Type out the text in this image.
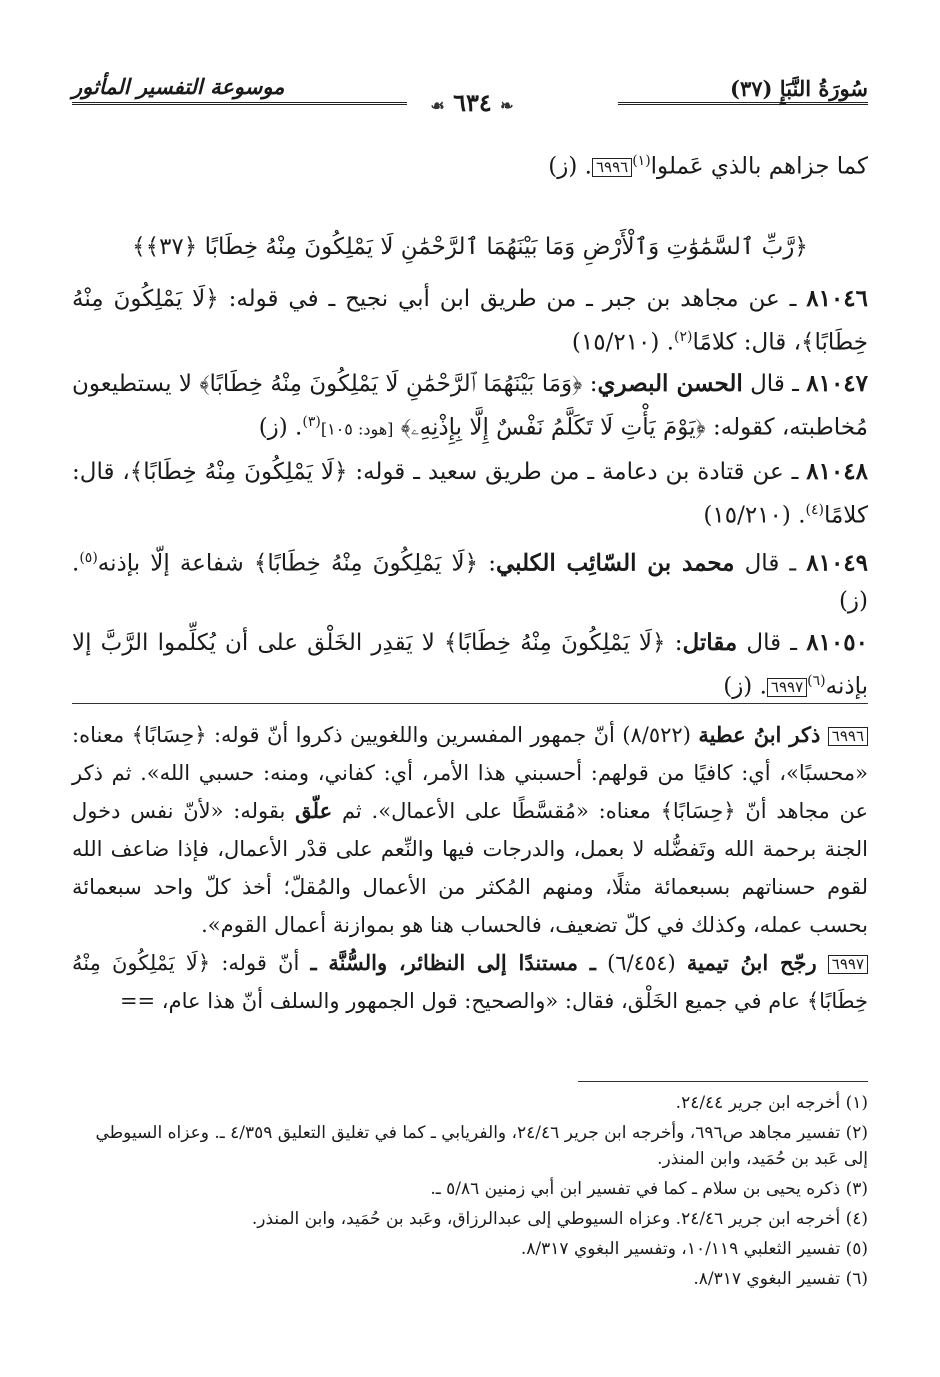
سُورَةُ النَّبَإِ (٣٧)
❧ ٦٣٤ ☙
موسوعة التفسير المأثور

كما جزاهم بالذي عَملوا$^{(١)}$٦٩٩٦. (ز)

﴿رَّبِّ ٱلسَّمَٰوَٰتِ وَٱلْأَرْضِ وَمَا بَيْنَهُمَا ٱلرَّحْمَٰنِ لَا يَمْلِكُونَ مِنْهُ خِطَابًا ﴿٣٧﴾﴾

٨١٠٤٦ ـ عن مجاهد بن جبر ـ من طريق ابن أبي نجيح ـ في قوله: ﴿لَا يَمْلِكُونَ مِنْهُ خِطَابًا﴾، قال: كلامًا$^{(٢)}$. (١٥/٢١٠)

٨١٠٤٧ ـ قال الحسن البصري: ﴿وَمَا بَيْنَهُمَا ٱلرَّحْمَٰنِ لَا يَمْلِكُونَ مِنْهُ خِطَابًا﴾ لا يستطيعون مُخاطبته، كقوله: ﴿يَوْمَ يَأْتِ لَا تَكَلَّمُ نَفْسٌ إِلَّا بِإِذْنِهِۦ﴾ [هود: ١٠٥]$^{(٣)}$. (ز)

٨١٠٤٨ ـ عن قتادة بن دعامة ـ من طريق سعيد ـ قوله: ﴿لَا يَمْلِكُونَ مِنْهُ خِطَابًا﴾، قال: كلامًا$^{(٤)}$. (١٥/٢١٠)

٨١٠٤٩ ـ قال محمد بن السّائِب الكلبي: ﴿لَا يَمْلِكُونَ مِنْهُ خِطَابًا﴾ شفاعة إلّا بإذنه$^{(٥)}$. (ز)

٨١٠٥٠ ـ قال مقاتل: ﴿لَا يَمْلِكُونَ مِنْهُ خِطَابًا﴾ لا يَقدِر الخَلْق على أن يُكلِّموا الرَّبَّ إلا بإذنه$^{(٦)}$٦٩٩٧. (ز)

٦٩٩٦ ذكر ابنُ عطية (٨/٥٢٢) أنّ جمهور المفسرين واللغويين ذكروا أنّ قوله: ﴿حِسَابًا﴾ معناه: «محسبًا»، أي: كافيًا من قولهم: أحسبني هذا الأمر، أي: كفاني، ومنه: حسبي الله». ثم ذكر عن مجاهد أنّ ﴿حِسَابًا﴾ معناه: «مُقسَّطًا على الأعمال». ثم علّق بقوله: «لأنّ نفس دخول الجنة برحمة الله وتَفضُّله لا بعمل، والدرجات فيها والنِّعم على قدْر الأعمال، فإذا ضاعف الله لقوم حسناتهم بسبعمائة مثلًا، ومنهم المُكثر من الأعمال والمُقلّ؛ أخذ كلّ واحد سبعمائة بحسب عمله، وكذلك في كلّ تضعيف، فالحساب هنا هو بموازنة أعمال القوم».

٦٩٩٧ رجّح ابنُ تيمية (٦/٤٥٤) ـ مستندًا إلى النظائر، والسُّنَّة ـ أنّ قوله: ﴿لَا يَمْلِكُونَ مِنْهُ خِطَابًا﴾ عام في جميع الخَلْق، فقال: «والصحيح: قول الجمهور والسلف أنّ هذا عام، ==

(١) أخرجه ابن جرير ٢٤/٤٤.

(٢) تفسير مجاهد ص٦٩٦، وأخرجه ابن جرير ٢٤/٤٦، والفريابي ـ كما في تغليق التعليق ٤/٣٥٩ ـ. وعزاه السيوطي إلى عَبد بن حُمَيد، وابن المنذر.

(٣) ذكره يحيى بن سلام ـ كما في تفسير ابن أبي زمنين ٥/٨٦ ـ.

(٤) أخرجه ابن جرير ٢٤/٤٦. وعزاه السيوطي إلى عبدالرزاق، وعَبد بن حُمَيد، وابن المنذر.

(٥) تفسير الثعلبي ١٠/١١٩، وتفسير البغوي ٨/٣١٧.

(٦) تفسير البغوي ٨/٣١٧.
